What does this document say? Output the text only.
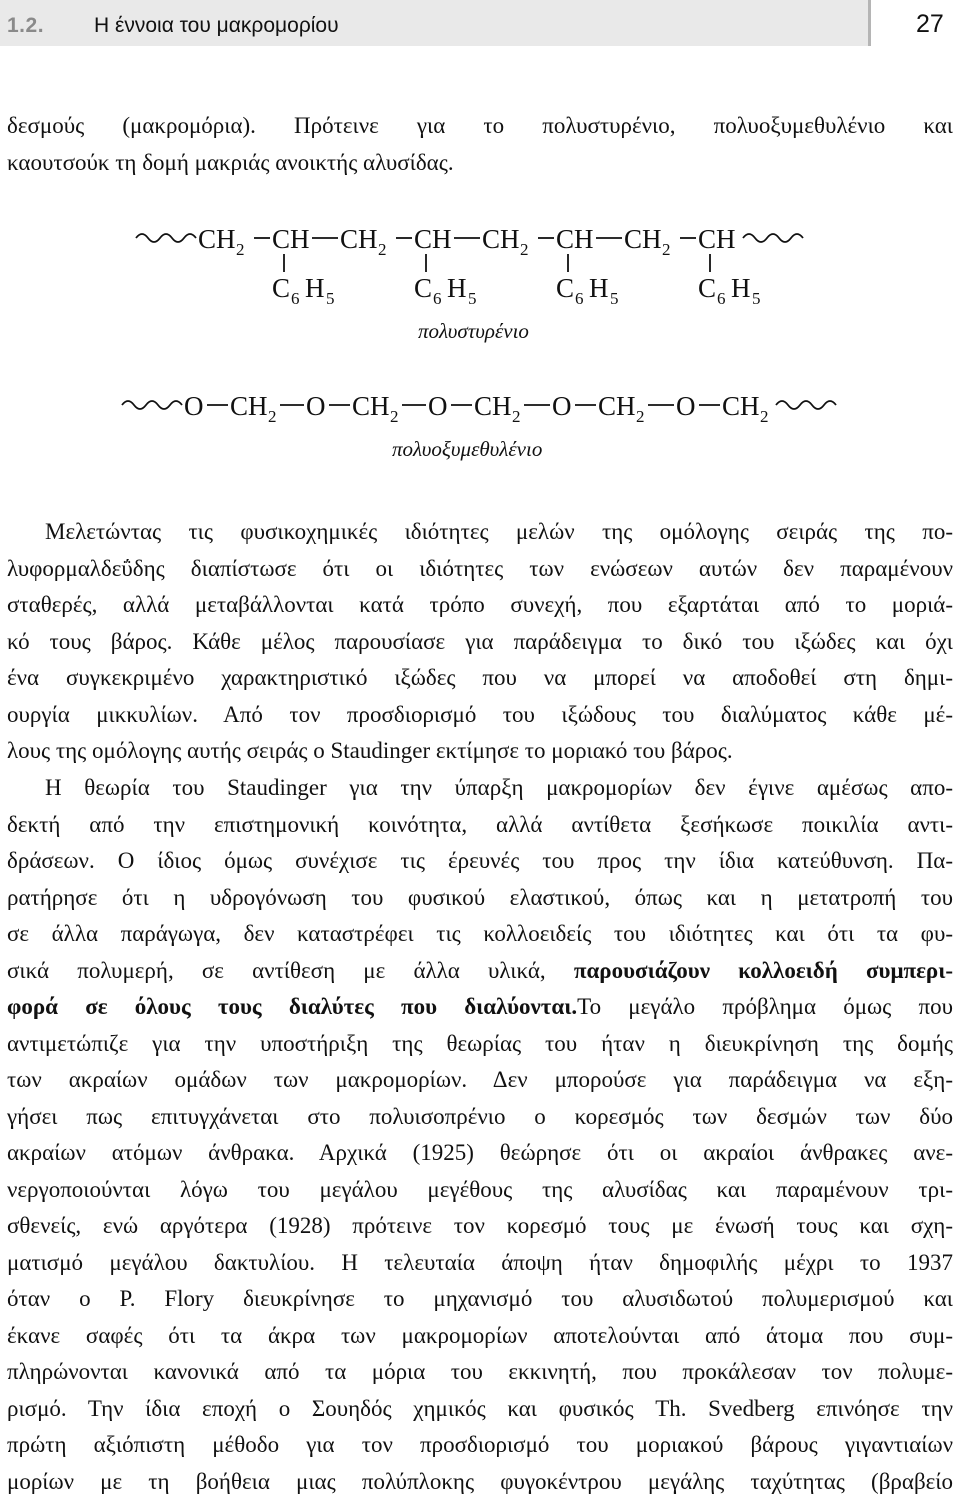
1.2. Η έννοια του μακρομορίου	27
δεσμούς (μακρομόρια). Πρότεινε για το πολυστυρένιο, πολυοξυμεθυλένιο και
καουτσούκ τη δομή μακριάς ανοικτής αλυσίδας.
CH 2 CH CH 2 CH CH 2 CH CH 2 CH
C 6 H 5	C 6 H 5	C 6 H 5	C 6 H 5
O CH 2 O CH 2 O CH 2 O CH 2 O CH 2
πολυστυρένιο
πολυοξυμεθυλένιο
Μελετώντας τις φυσικοχημικές ιδιότητες μελών της ομόλογης σειράς της πο-
λυφορμαλδεΰδης διαπίστωσε ότι οι ιδιότητες των ενώσεων αυτών δεν παραμένουν
σταθερές, αλλά μεταβάλλονται κατά τρόπο συνεχή, που εξαρτάται από το μοριά-
κό τους βάρος. Κάθε μέλος παρουσίασε για παράδειγμα το δικό του ιξώδες και όχι
ένα συγκεκριμένο χαρακτηριστικό ιξώδες που να μπορεί να αποδοθεί στη δημι-
ουργία μικκυλίων. Από τον προσδιορισμό του ιξώδους του διαλύματος κάθε μέ-
λους της ομόλογης αυτής σειράς ο Staudinger εκτίμησε το μοριακό του βάρος.
Η θεωρία του Staudinger για την ύπαρξη μακρομορίων δεν έγινε αμέσως απο-
δεκτή από την επιστημονική κοινότητα, αλλά αντίθετα ξεσήκωσε ποικιλία αντι-
δράσεων. Ο ίδιος όμως συνέχισε τις έρευνές του προς την ίδια κατεύθυνση. Πα-
ρατήρησε ότι η υδρογόνωση του φυσικού ελαστικού, όπως και η μετατροπή του
σε άλλα παράγωγα, δεν καταστρέφει τις κολλοειδείς του ιδιότητες και ότι τα φυ-
σικά πολυμερή, σε αντίθεση με άλλα υλικά, παρουσιάζουν κολλοειδή συμπερι-
φορά σε όλους τους διαλύτες που διαλύονται.Το μεγάλο πρόβλημα όμως που
αντιμετώπιζε για την υποστήριξη της θεωρίας του ήταν η διευκρίνηση της δομής
των ακραίων ομάδων των μακρομορίων. Δεν μπορούσε για παράδειγμα να εξη-
γήσει πως επιτυγχάνεται στο πολυισοπρένιο ο κορεσμός των δεσμών των δύο
ακραίων ατόμων άνθρακα. Αρχικά (1925) θεώρησε ότι οι ακραίοι άνθρακες ανε-
νεργοποιούνται λόγω του μεγάλου μεγέθους της αλυσίδας και παραμένουν τρι-
σθενείς, ενώ αργότερα (1928) πρότεινε τον κορεσμό τους με ένωσή τους και σχη-
ματισμό μεγάλου δακτυλίου. Η τελευταία άποψη ήταν δημοφιλής μέχρι το 1937
όταν ο P. Flory διευκρίνησε το μηχανισμό του αλυσιδωτού πολυμερισμού και
έκανε σαφές ότι τα άκρα των μακρομορίων αποτελούνται από άτομα που συμ-
πληρώνονται κανονικά από τα μόρια του εκκινητή, που προκάλεσαν τον πολυμε-
ρισμό. Την ίδια εποχή ο Σουηδός χημικός και φυσικός Th. Svedberg επινόησε την
πρώτη αξιόπιστη μέθοδο για τον προσδιορισμό του μοριακού βάρους γιγαντιαίων
μορίων με τη βοήθεια μιας πολύπλοκης φυγοκέντρου μεγάλης ταχύτητας (βραβείο
